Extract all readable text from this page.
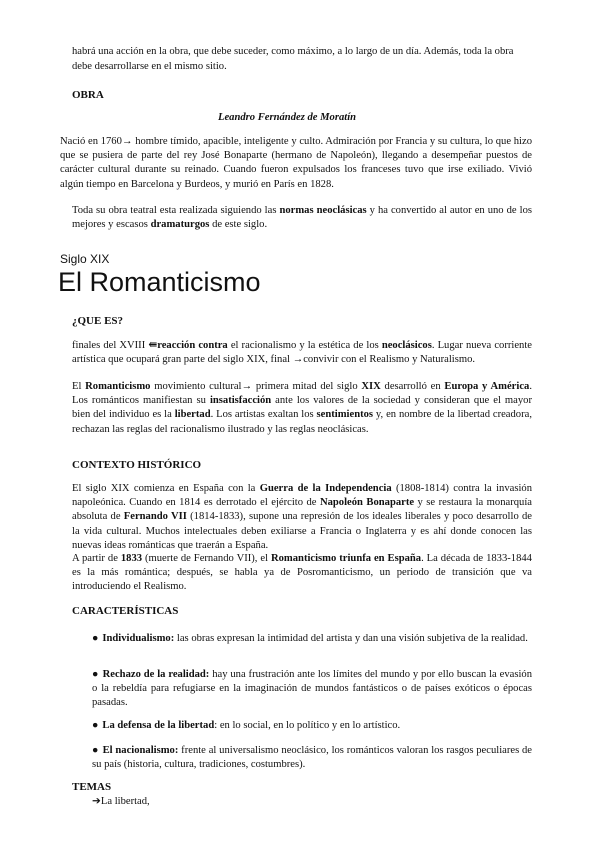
habrá una acción en la obra, que debe suceder, como máximo, a lo largo de un día. Además, toda la obra

debe desarrollarse en el mismo sitio.

OBRA

Leandro Fernández de Moratín

Nació en 1760→ hombre tímido, apacible, inteligente y culto. Admiración por Francia y su cultura, lo que hizo que se pusiera de parte del rey José Bonaparte (hermano de Napoleón), llegando a desempeñar puestos de carácter cultural durante su reinado. Cuando fueron expulsados los franceses tuvo que irse exiliado. Vivió algún tiempo en Barcelona y Burdeos, y murió en París en 1828.

Toda su obra teatral esta realizada siguiendo las normas neoclásicas y ha convertido al autor en uno de los mejores y escasos dramaturgos de este siglo.

Siglo XIX

El Romanticismo

¿QUE ES?

finales del XVIII ⇚reacción contra el racionalismo y la estética de los neoclásicos. Lugar nueva corriente artística que ocupará gran parte del siglo XIX, final →convivir con el Realismo y Naturalismo.

El Romanticismo movimiento cultural→ primera mitad del siglo XIX desarrolló en Europa y América. Los románticos manifiestan su insatisfacción ante los valores de la sociedad y consideran que el mayor bien del individuo es la libertad. Los artistas exaltan los sentimientos y, en nombre de la libertad creadora, rechazan las reglas del racionalismo ilustrado y las reglas neoclásicas.

CONTEXTO HISTÓRICO

El siglo XIX comienza en España con la Guerra de la Independencia (1808-1814) contra la invasión napoleónica. Cuando en 1814 es derrotado el ejército de Napoleón Bonaparte y se restaura la monarquía absoluta de Fernando VII (1814-1833), supone una represión de los ideales liberales y poco desarrollo de la vida cultural. Muchos intelectuales deben exiliarse a Francia o Inglaterra y es ahí donde conocen las nuevas ideas románticas que traerán a España.

A partir de 1833 (muerte de Fernando VII), el Romanticismo triunfa en España. La década de 1833-1844 es la más romántica; después, se habla ya de Posromanticismo, un periodo de transición que va introduciendo el Realismo.

CARACTERÍSTICAS

● Individualismo: las obras expresan la intimidad del artista y dan una visión subjetiva de la realidad.
● Rechazo de la realidad: hay una frustración ante los límites del mundo y por ello buscan la evasión o la rebeldía para refugiarse en la imaginación de mundos fantásticos o de países exóticos o épocas pasadas.
● La defensa de la libertad: en lo social, en lo político y en lo artístico.
● El nacionalismo: frente al universalismo neoclásico, los románticos valoran los rasgos peculiares de su país (historia, cultura, tradiciones, costumbres).

TEMAS

➔La libertad,
